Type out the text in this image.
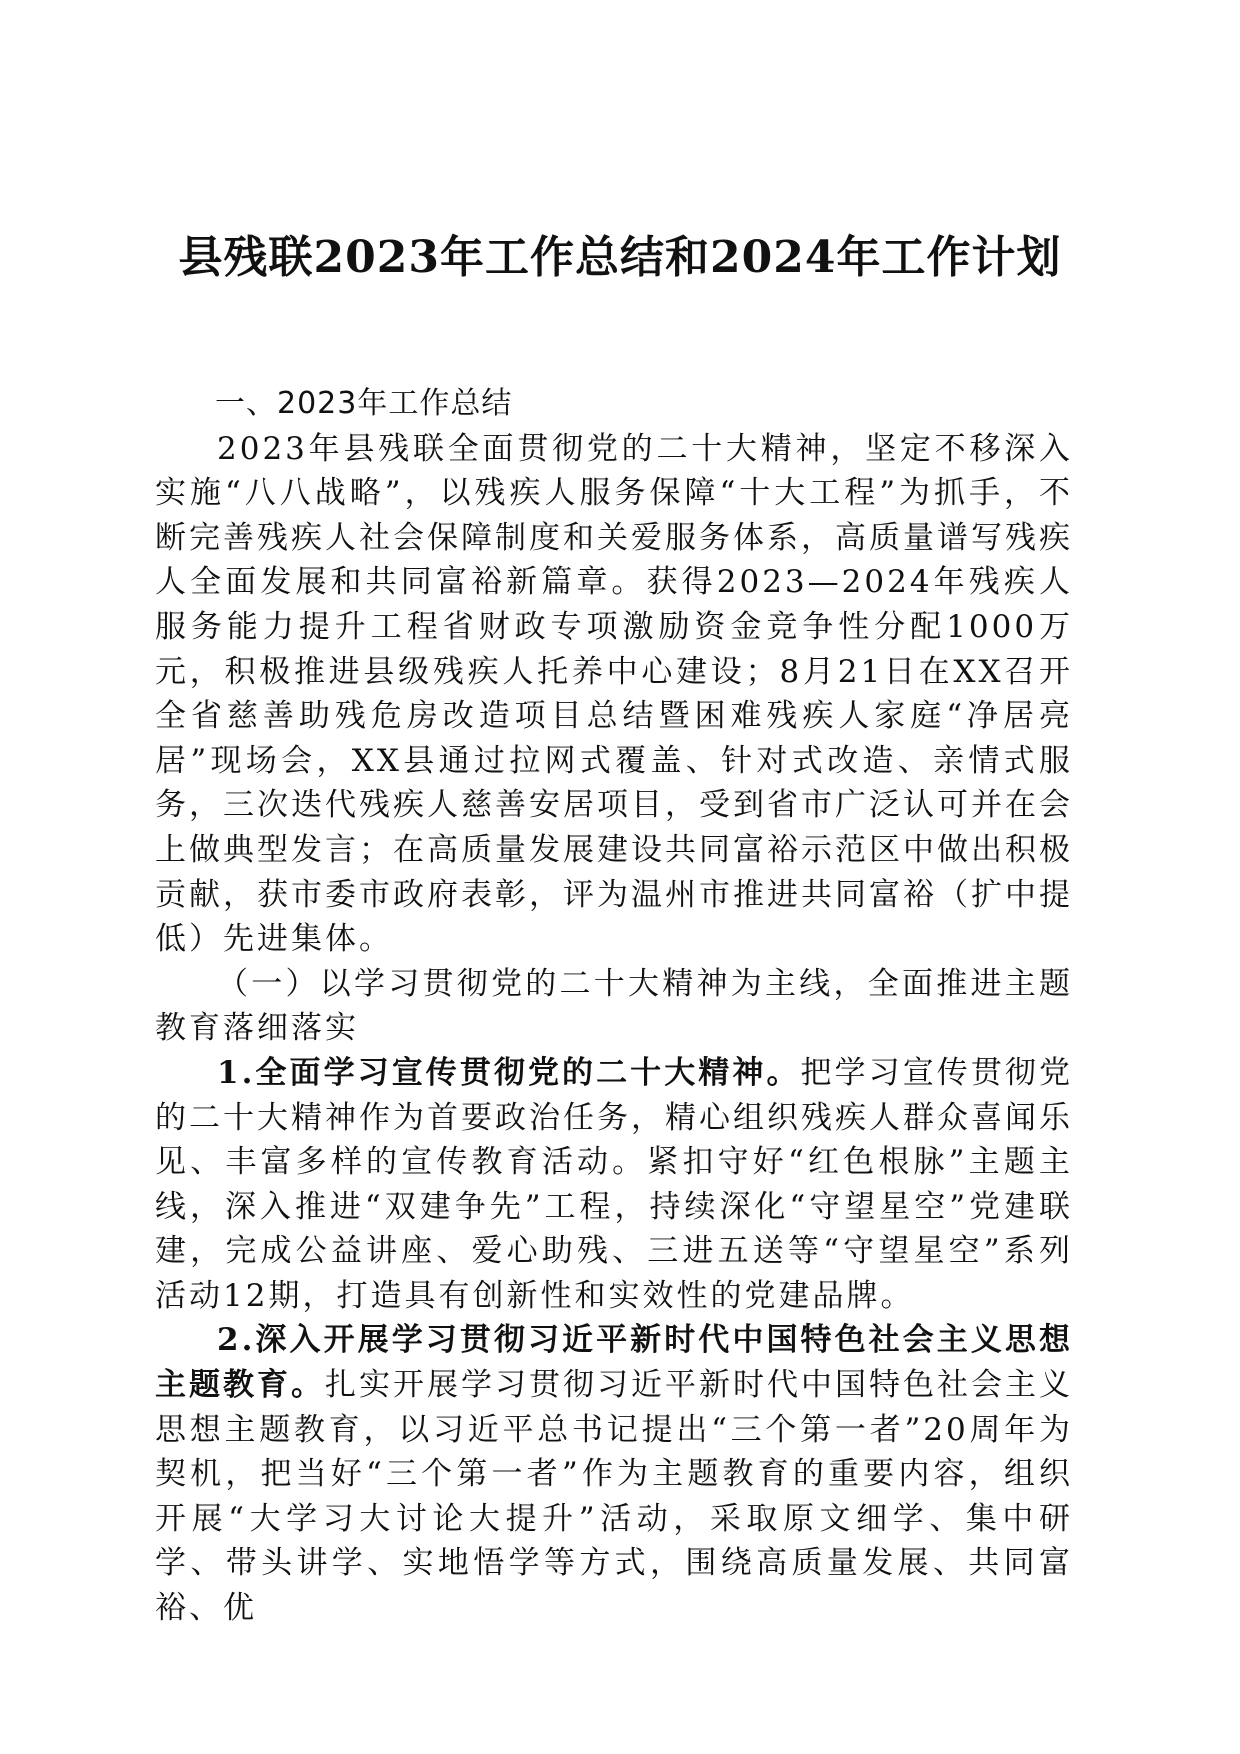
县残联2023年工作总结和2024年工作计划

一、2023年工作总结

2023年县残联全面贯彻党的二十大精神，坚定不移深入实施“八八战略”，以残疾人服务保障“十大工程”为抓手，不断完善残疾人社会保障制度和关爱服务体系，高质量谱写残疾人全面发展和共同富裕新篇章。获得2023—2024年残疾人服务能力提升工程省财政专项激励资金竞争性分配1000万元，积极推进县级残疾人托养中心建设；8月21日在XX召开全省慈善助残危房改造项目总结暨困难残疾人家庭“净居亮居”现场会，XX县通过拉网式覆盖、针对式改造、亲情式服务，三次迭代残疾人慈善安居项目，受到省市广泛认可并在会上做典型发言；在高质量发展建设共同富裕示范区中做出积极贡献，获市委市政府表彰，评为温州市推进共同富裕（扩中提低）先进集体。

（一）以学习贯彻党的二十大精神为主线，全面推进主题教育落细落实

1.全面学习宣传贯彻党的二十大精神。把学习宣传贯彻党的二十大精神作为首要政治任务，精心组织残疾人群众喜闻乐见、丰富多样的宣传教育活动。紧扣守好“红色根脉”主题主线，深入推进“双建争先”工程，持续深化“守望星空”党建联建，完成公益讲座、爱心助残、三进五送等“守望星空”系列活动12期，打造具有创新性和实效性的党建品牌。

2.深入开展学习贯彻习近平新时代中国特色社会主义思想主题教育。扎实开展学习贯彻习近平新时代中国特色社会主义思想主题教育，以习近平总书记提出“三个第一者”20周年为契机，把当好“三个第一者”作为主题教育的重要内容，组织开展“大学习大讨论大提升”活动，采取原文细学、集中研学、带头讲学、实地悟学等方式，围绕高质量发展、共同富裕、优
